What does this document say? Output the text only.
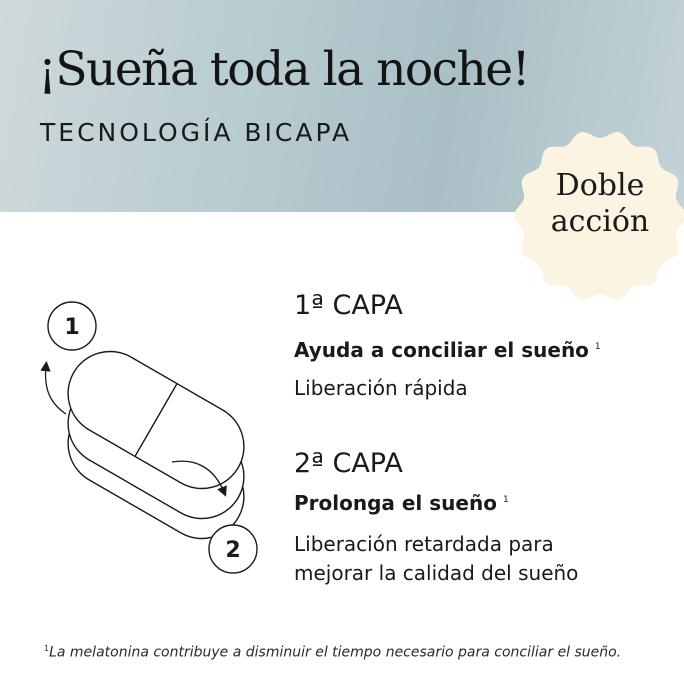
¡Sueña toda la noche!
TECNOLOGÍA BICAPA
Doble
acción
1
2
1ª CAPA
Ayuda a conciliar el sueño $^1$
Liberación rápida
2ª CAPA
Prolonga el sueño $^1$
Liberación retardada para
mejorar la calidad del sueño
$^1$La melatonina contribuye a disminuir el tiempo necesario para conciliar el sueño.
